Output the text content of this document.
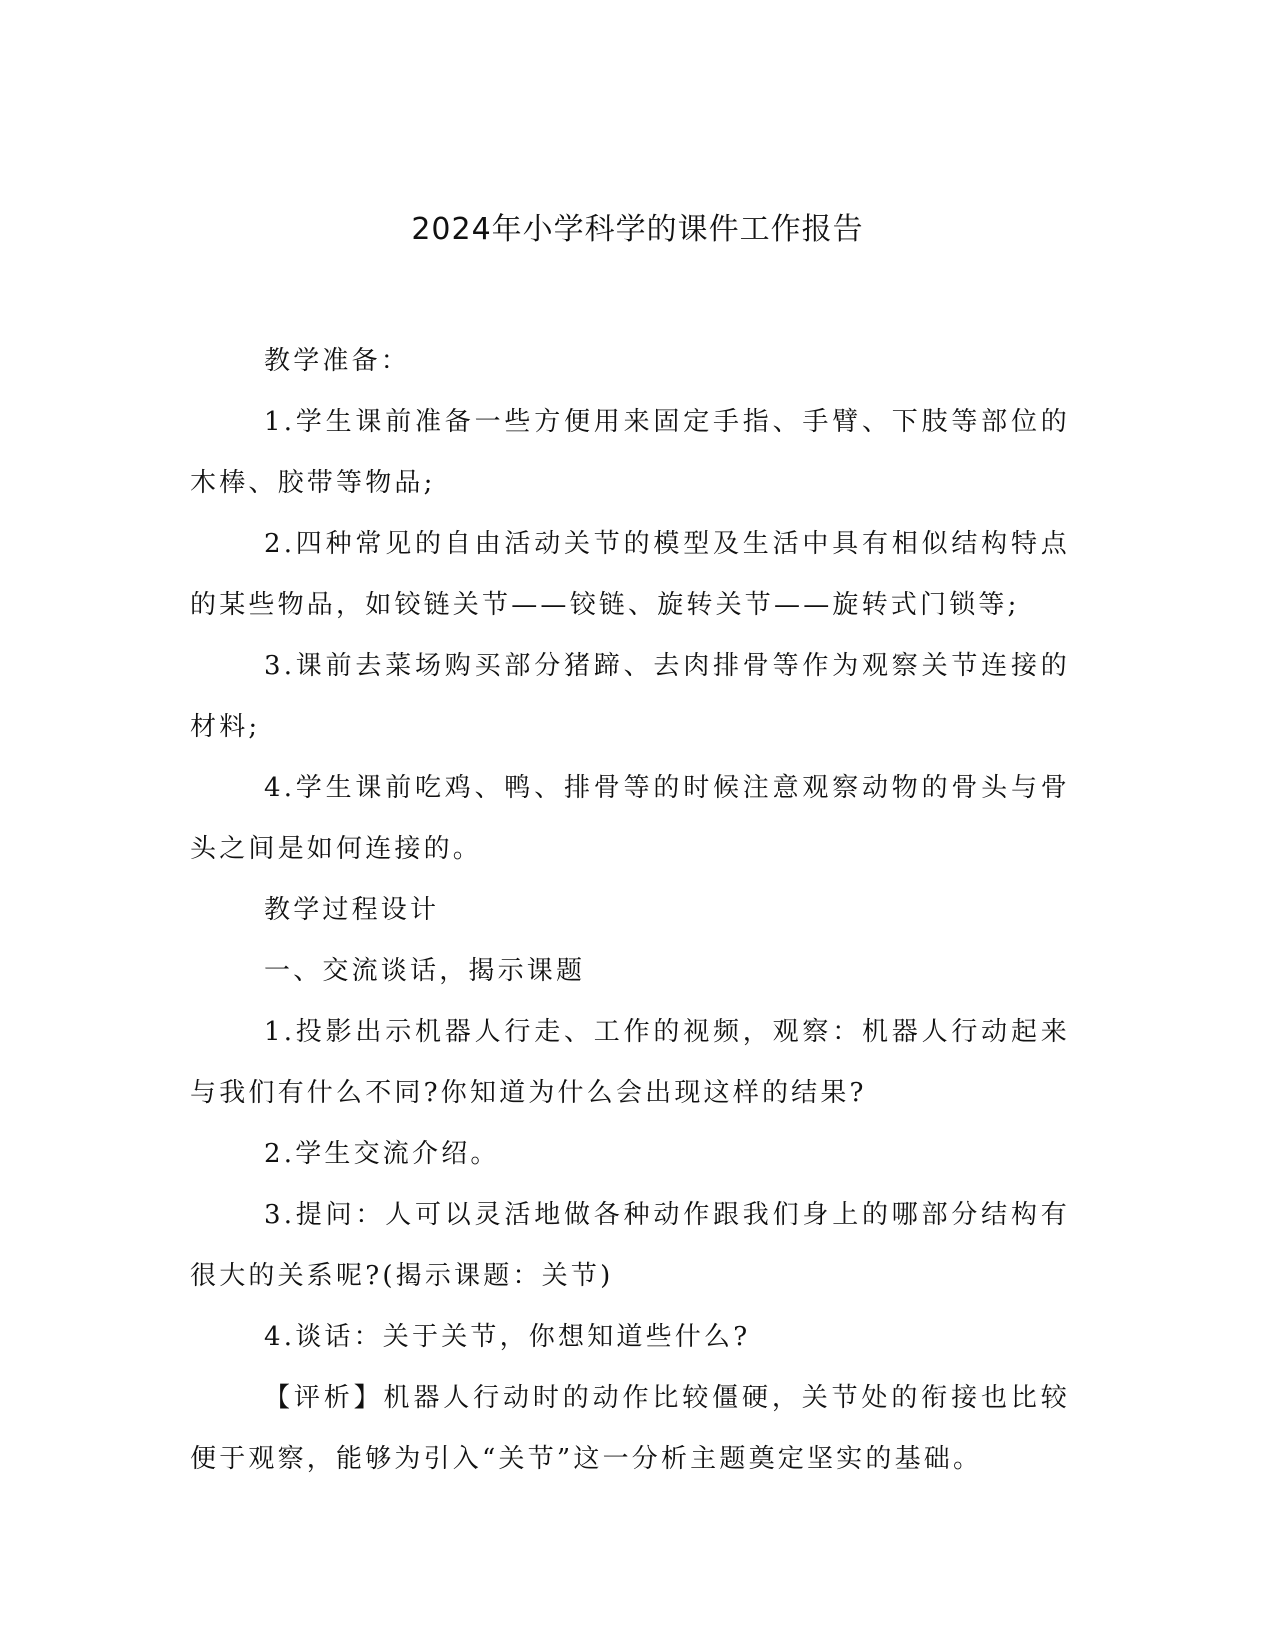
2024年小学科学的课件工作报告

教学准备：

1.学生课前准备一些方便用来固定手指、手臂、下肢等部位的木棒、胶带等物品;

2.四种常见的自由活动关节的模型及生活中具有相似结构特点的某些物品，如铰链关节——铰链、旋转关节——旋转式门锁等;

3.课前去菜场购买部分猪蹄、去肉排骨等作为观察关节连接的材料;

4.学生课前吃鸡、鸭、排骨等的时候注意观察动物的骨头与骨头之间是如何连接的。

教学过程设计

一、交流谈话，揭示课题

1.投影出示机器人行走、工作的视频，观察：机器人行动起来与我们有什么不同?你知道为什么会出现这样的结果?

2.学生交流介绍。

3.提问：人可以灵活地做各种动作跟我们身上的哪部分结构有很大的关系呢?(揭示课题：关节)

4.谈话：关于关节，你想知道些什么?

【评析】机器人行动时的动作比较僵硬，关节处的衔接也比较便于观察，能够为引入“关节”这一分析主题奠定坚实的基础。
